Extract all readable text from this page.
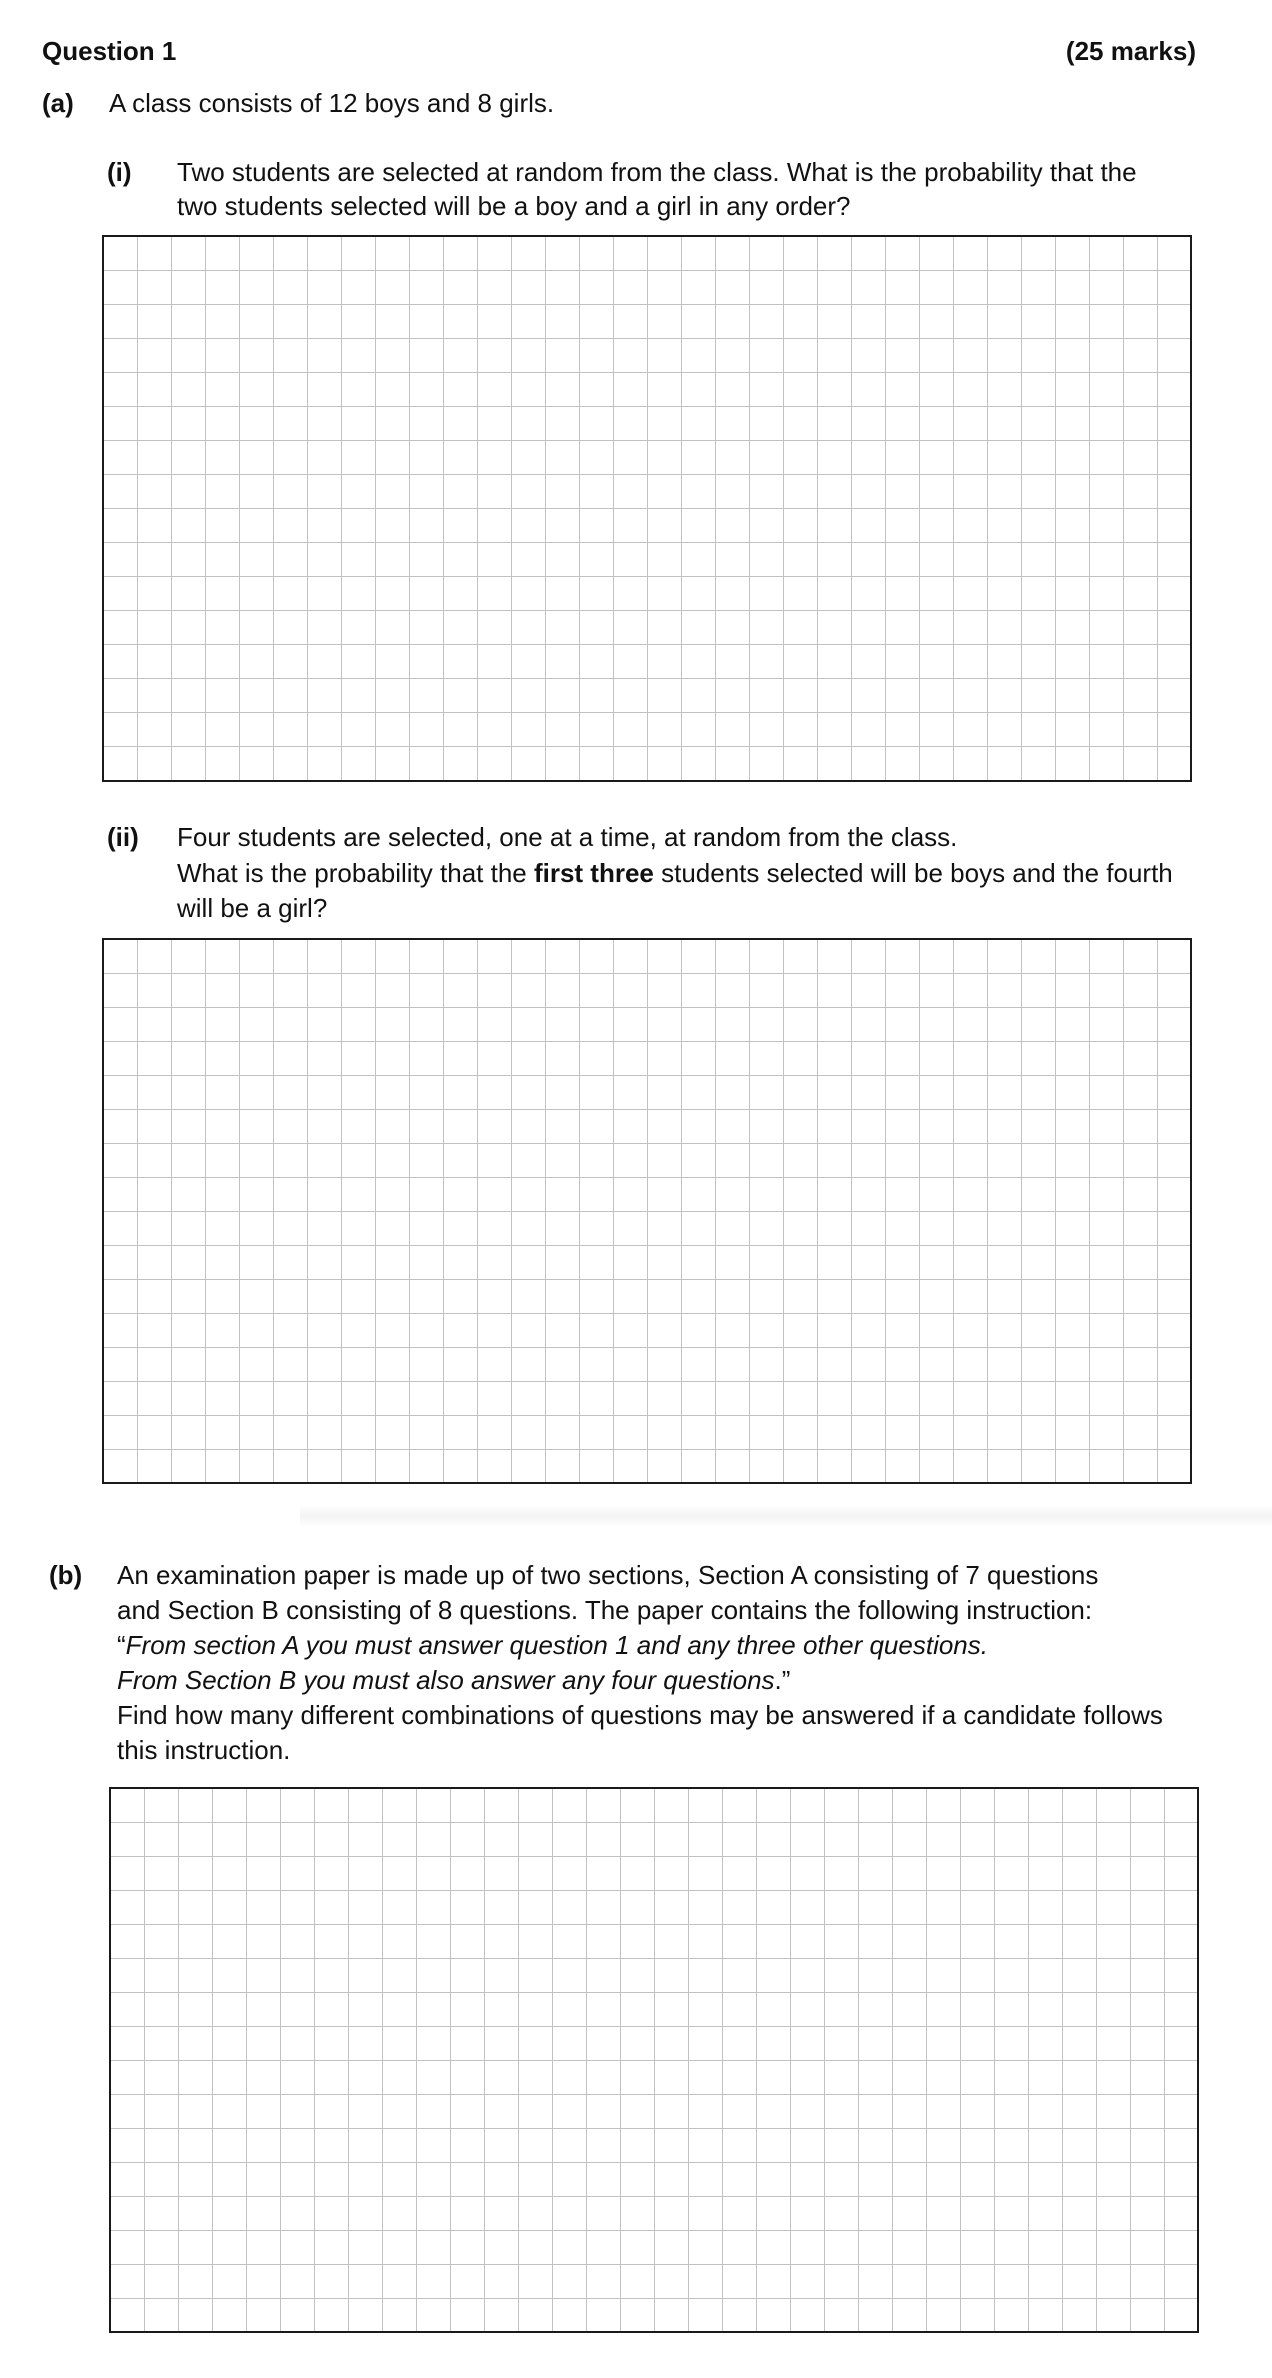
Question 1	(25 marks)
(a) A class consists of 12 boys and 8 girls.
(i) Two students are selected at random from the class. What is the probability that the
two students selected will be a boy and a girl in any order?
(ii) Four students are selected, one at a time, at random from the class.
What is the probability that the first three students selected will be boys and the fourth
will be a girl?
(b) An examination paper is made up of two sections, Section A consisting of 7 questions
and Section B consisting of 8 questions. The paper contains the following instruction:
“From section A you must answer question 1 and any three other questions.
From Section B you must also answer any four questions.”
Find how many different combinations of questions may be answered if a candidate follows
this instruction.
